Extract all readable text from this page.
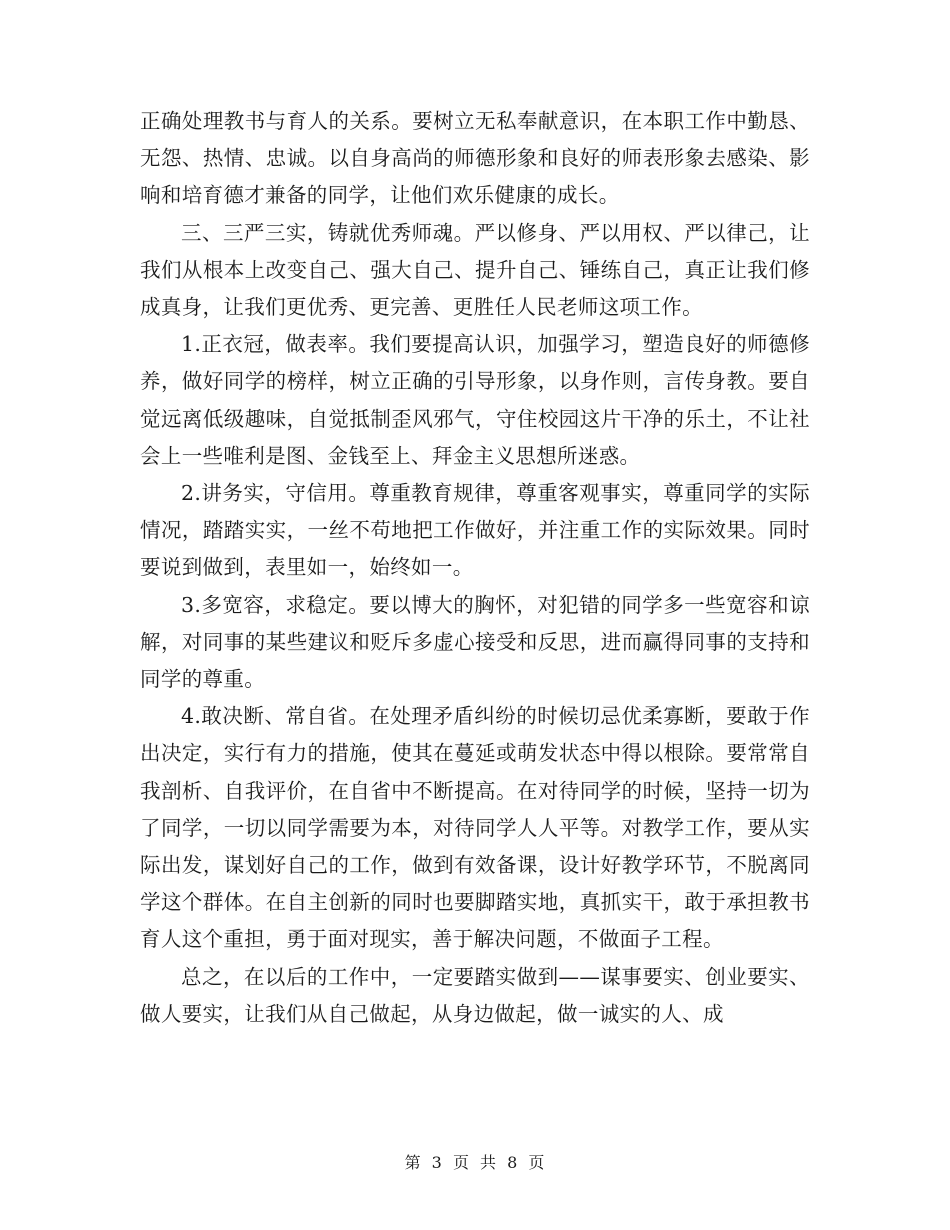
正确处理教书与育人的关系。要树立无私奉献意识，在本职工作中勤恳、无怨、热情、忠诚。以自身高尚的师德形象和良好的师表形象去感染、影响和培育德才兼备的同学，让他们欢乐健康的成长。

三、三严三实，铸就优秀师魂。严以修身、严以用权、严以律己，让我们从根本上改变自己、强大自己、提升自己、锤练自己，真正让我们修成真身，让我们更优秀、更完善、更胜任人民老师这项工作。

1.正衣冠，做表率。我们要提高认识，加强学习，塑造良好的师德修养，做好同学的榜样，树立正确的引导形象，以身作则，言传身教。要自觉远离低级趣味，自觉抵制歪风邪气，守住校园这片干净的乐土，不让社会上一些唯利是图、金钱至上、拜金主义思想所迷惑。

2.讲务实，守信用。尊重教育规律，尊重客观事实，尊重同学的实际情况，踏踏实实，一丝不苟地把工作做好，并注重工作的实际效果。同时要说到做到，表里如一，始终如一。

3.多宽容，求稳定。要以博大的胸怀，对犯错的同学多一些宽容和谅解，对同事的某些建议和贬斥多虚心接受和反思，进而赢得同事的支持和同学的尊重。

4.敢决断、常自省。在处理矛盾纠纷的时候切忌优柔寡断，要敢于作出决定，实行有力的措施，使其在蔓延或萌发状态中得以根除。要常常自我剖析、自我评价，在自省中不断提高。在对待同学的时候，坚持一切为了同学，一切以同学需要为本，对待同学人人平等。对教学工作，要从实际出发，谋划好自己的工作，做到有效备课，设计好教学环节，不脱离同学这个群体。在自主创新的同时也要脚踏实地，真抓实干，敢于承担教书育人这个重担，勇于面对现实，善于解决问题，不做面子工程。

总之，在以后的工作中，一定要踏实做到——谋事要实、创业要实、做人要实，让我们从自己做起，从身边做起，做一诚实的人、成

第 3 页 共 8 页
